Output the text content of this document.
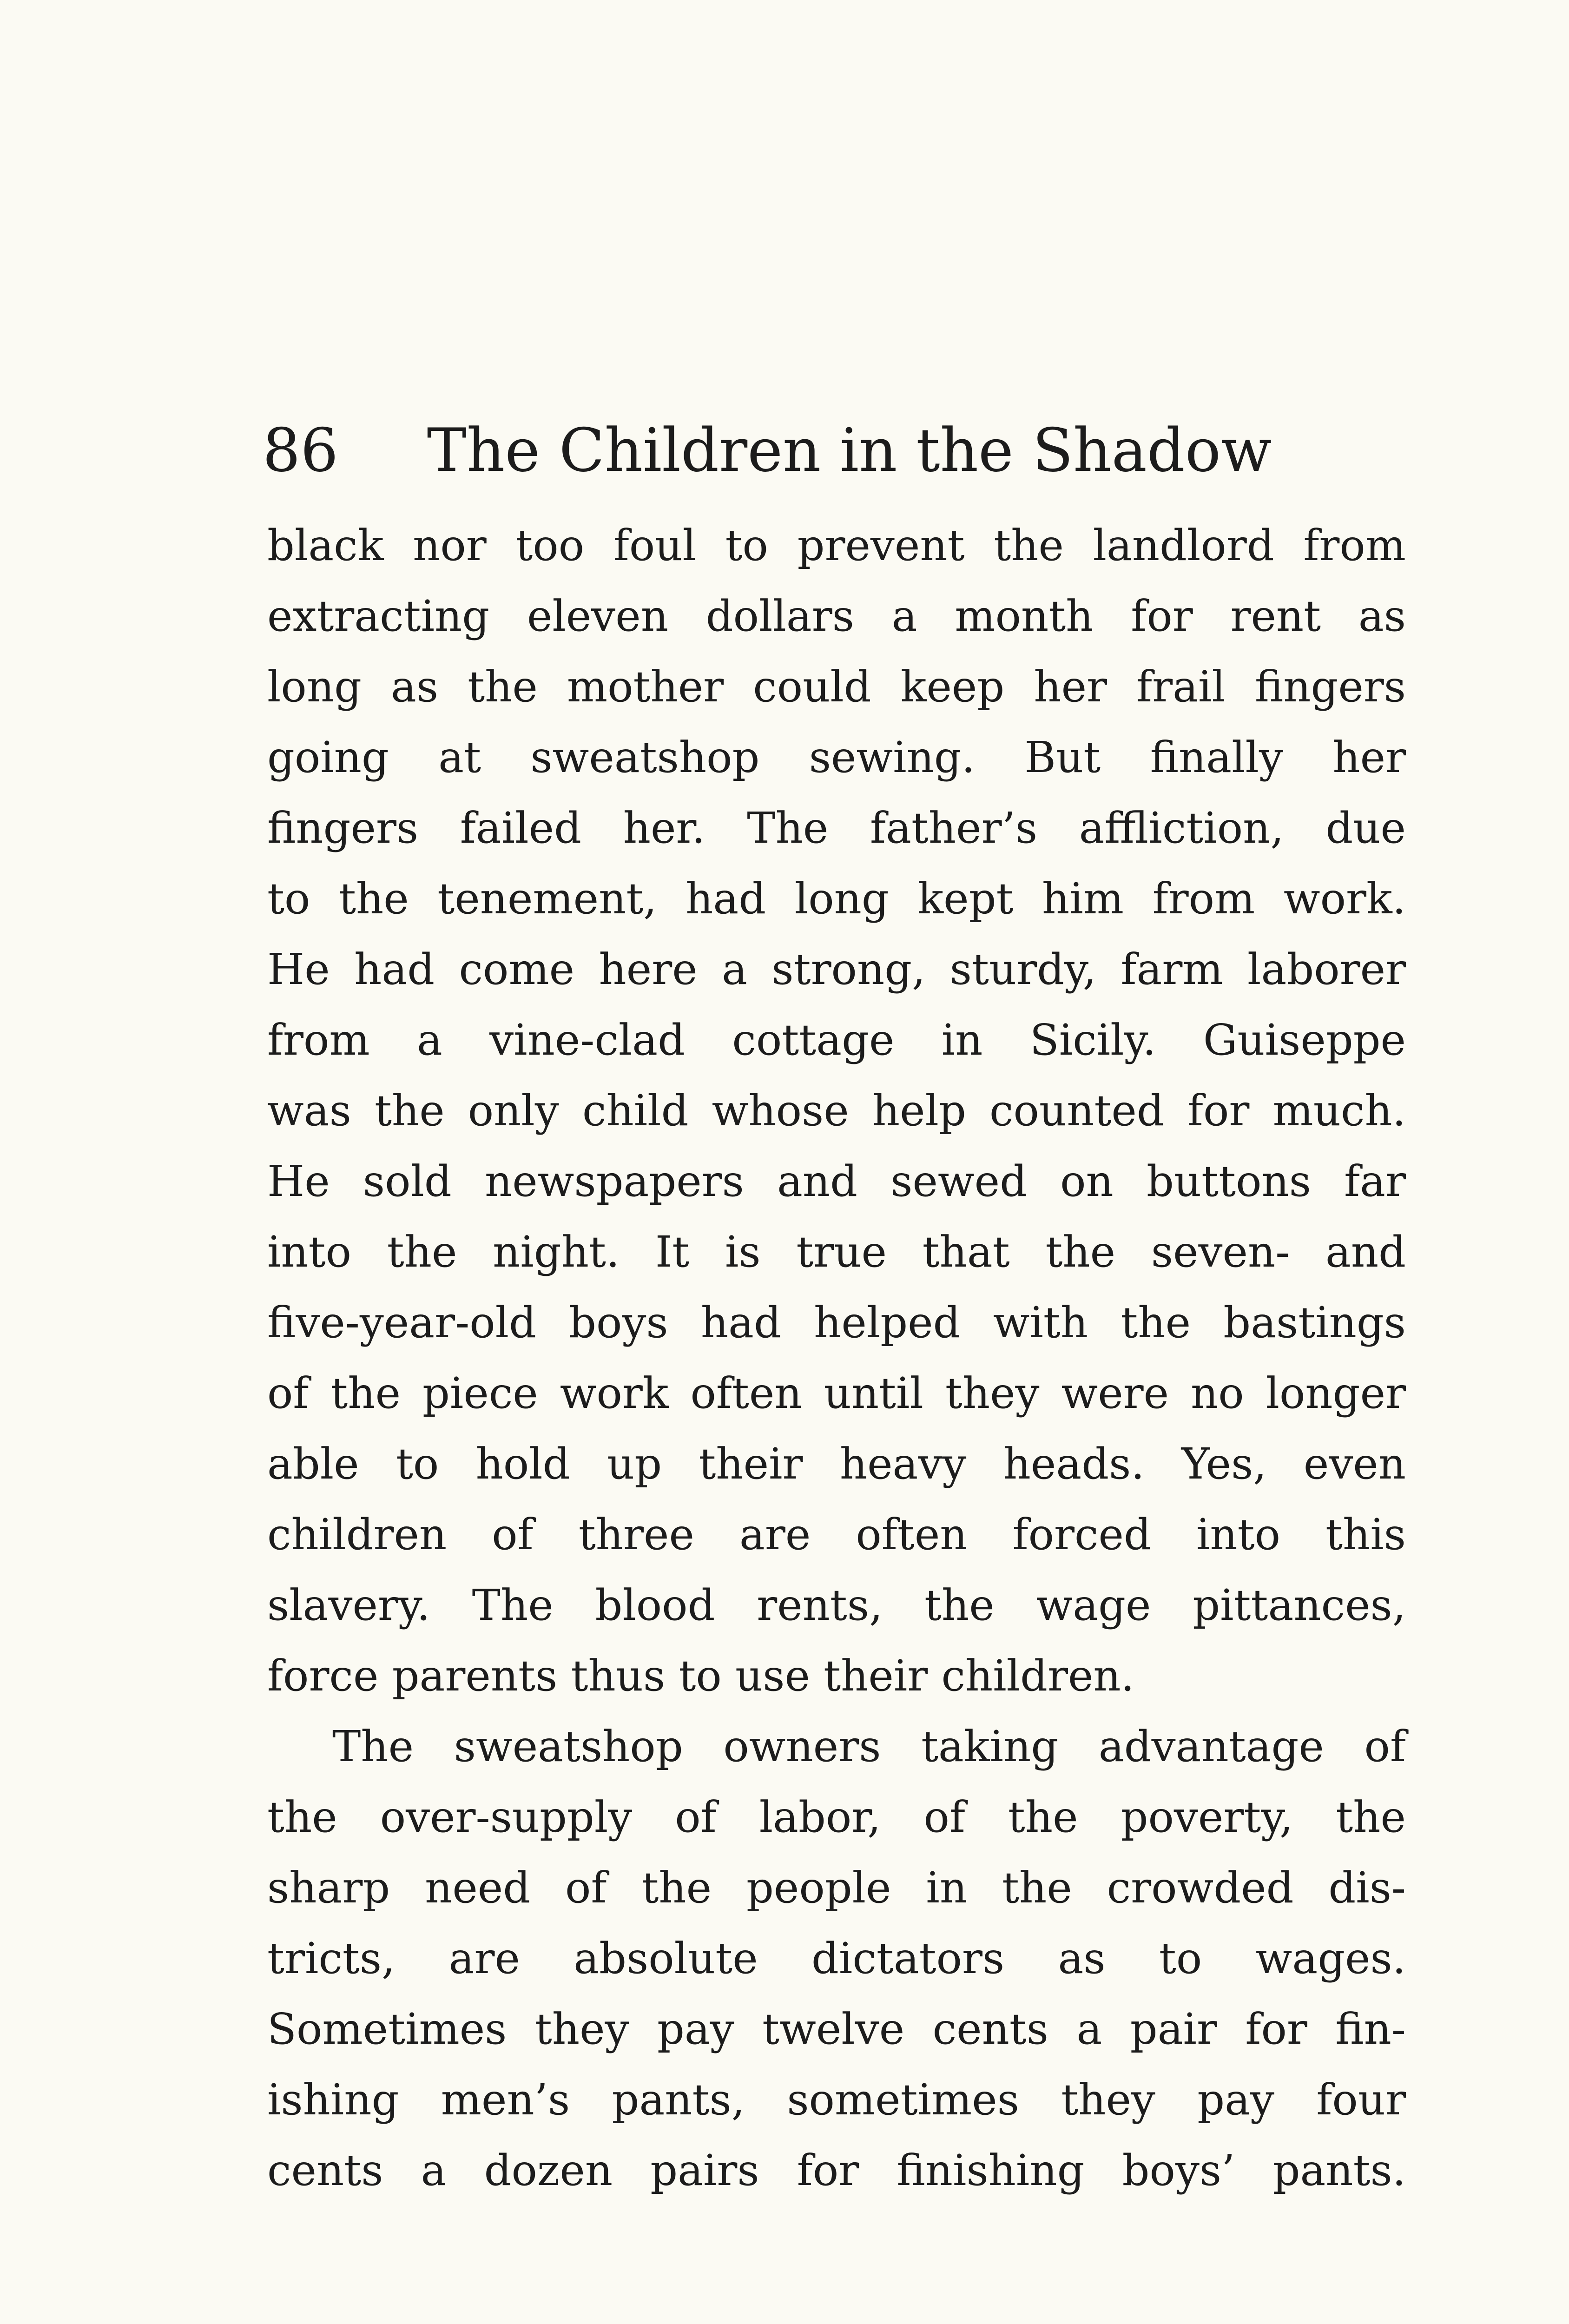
86 The Children in the Shadow
black nor too foul to prevent the landlord from
extracting eleven dollars a month for rent as
long as the mother could keep her frail fingers
going at sweatshop sewing. But finally her
fingers failed her. The father’s affliction, due
to the tenement, had long kept him from work.
He had come here a strong, sturdy, farm laborer
from a vine-clad cottage in Sicily. Guiseppe
was the only child whose help counted for much.
He sold newspapers and sewed on buttons far
into the night. It is true that the seven- and
five-year-old boys had helped with the bastings
of the piece work often until they were no longer
able to hold up their heavy heads. Yes, even
children of three are often forced into this
slavery. The blood rents, the wage pittances,
force parents thus to use their children.
The sweatshop owners taking advantage of
the over-supply of labor, of the poverty, the
sharp need of the people in the crowded dis-
tricts, are absolute dictators as to wages.
Sometimes they pay twelve cents a pair for fin-
ishing men’s pants, sometimes they pay four
cents a dozen pairs for finishing boys’ pants.
